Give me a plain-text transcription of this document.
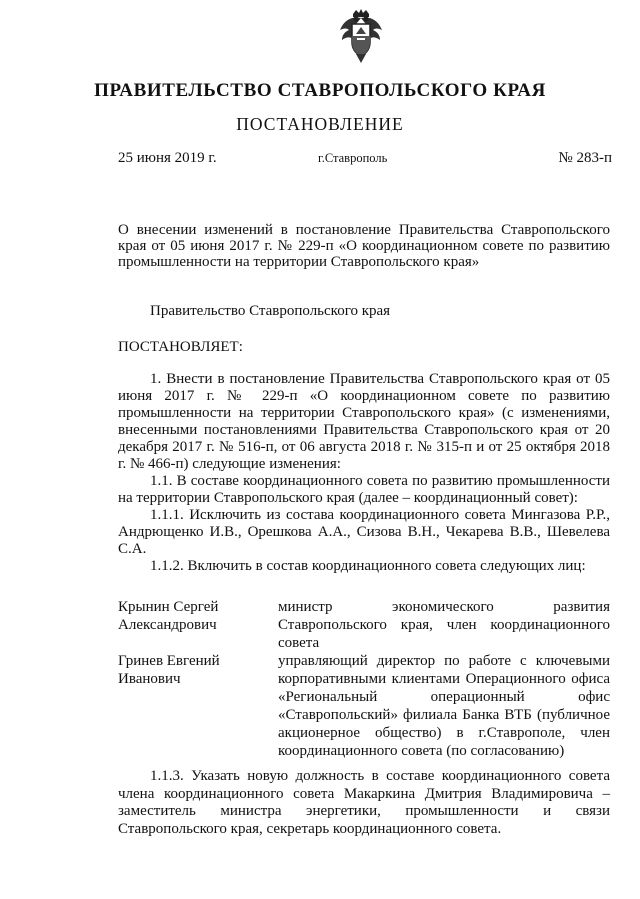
ПРАВИТЕЛЬСТВО СТАВРОПОЛЬСКОГО КРАЯ
ПОСТАНОВЛЕНИЕ
25 июня 2019 г.	г.Ставрополь	№ 283-п
О внесении изменений в постановление Правительства Ставропольского края от 05 июня 2017 г. № 229-п «О координационном совете по развитию промышленности на территории Ставропольского края»
Правительство Ставропольского края
ПОСТАНОВЛЯЕТ:

1. Внести в постановление Правительства Ставропольского края от 05 июня 2017 г. № 229-п «О координационном совете по развитию промышленности на территории Ставропольского края» (с изменениями, внесенными постановлениями Правительства Ставропольского края от 20 декабря 2017 г. № 516-п, от 06 августа 2018 г. № 315-п и от 25 октября 2018 г. № 466-п) следующие изменения:

1.1. В составе координационного совета по развитию промышленности на территории Ставропольского края (далее – координационный совет):

1.1.1. Исключить из состава координационного совета Мингазова Р.Р., Андрющенко И.В., Орешкова А.А., Сизова В.Н., Чекарева В.В., Шевелева С.А.

1.1.2. Включить в состав координационного совета следующих лиц:

Крынин Сергей Александрович
министр экономического развития Ставропольского края, член координационного совета
Гринев Евгений Иванович
управляющий директор по работе с ключевыми корпоративными клиентами Операционного офиса «Региональный операционный офис «Ставропольский» филиала Банка ВТБ (публичное акционерное общество) в г.Ставрополе, член координационного совета (по согласованию)

1.1.3. Указать новую должность в составе координационного совета члена координационного совета Макаркина Дмитрия Владимировича – заместитель министра энергетики, промышленности и связи Ставропольского края, секретарь координационного совета.
